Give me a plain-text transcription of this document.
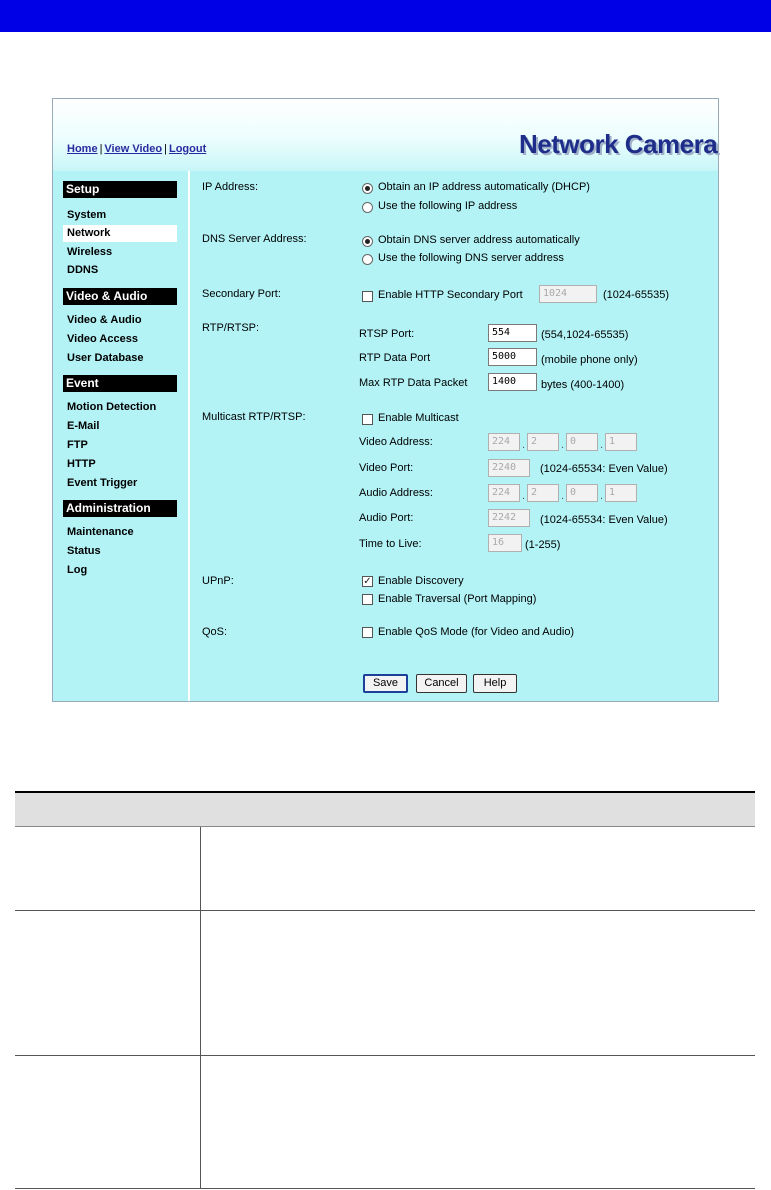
Home | View Video | Logout	Network Camera
Setup
System
Network
Wireless
DDNS
Video & Audio
Video & Audio
Video Access
User Database
Event
Motion Detection
E-Mail
FTP
HTTP
Event Trigger
Administration
Maintenance
Status
Log
IP Address:	Obtain an IP address automatically (DHCP)
Use the following IP address
DNS Server Address:	Obtain DNS server address automatically
Use the following DNS server address
Secondary Port:	Enable HTTP Secondary Port	1024	(1024-65535)
RTP/RTSP:	RTSP Port:	554	(554,1024-65535)
RTP Data Port	5000	(mobile phone only)
Max RTP Data Packet	1400	bytes (400-1400)
Multicast RTP/RTSP:	Enable Multicast
Video Address:	224	. 2	. 0	. 1
Video Port:	2240	(1024-65534: Even Value)
Audio Address:	224	. 2	. 0	. 1
Audio Port:	2242	(1024-65534: Even Value)
Time to Live:	16	(1-255)
UPnP:	✓ Enable Discovery
Enable Traversal (Port Mapping)
QoS:	Enable QoS Mode (for Video and Audio)
Save	Cancel	Help
